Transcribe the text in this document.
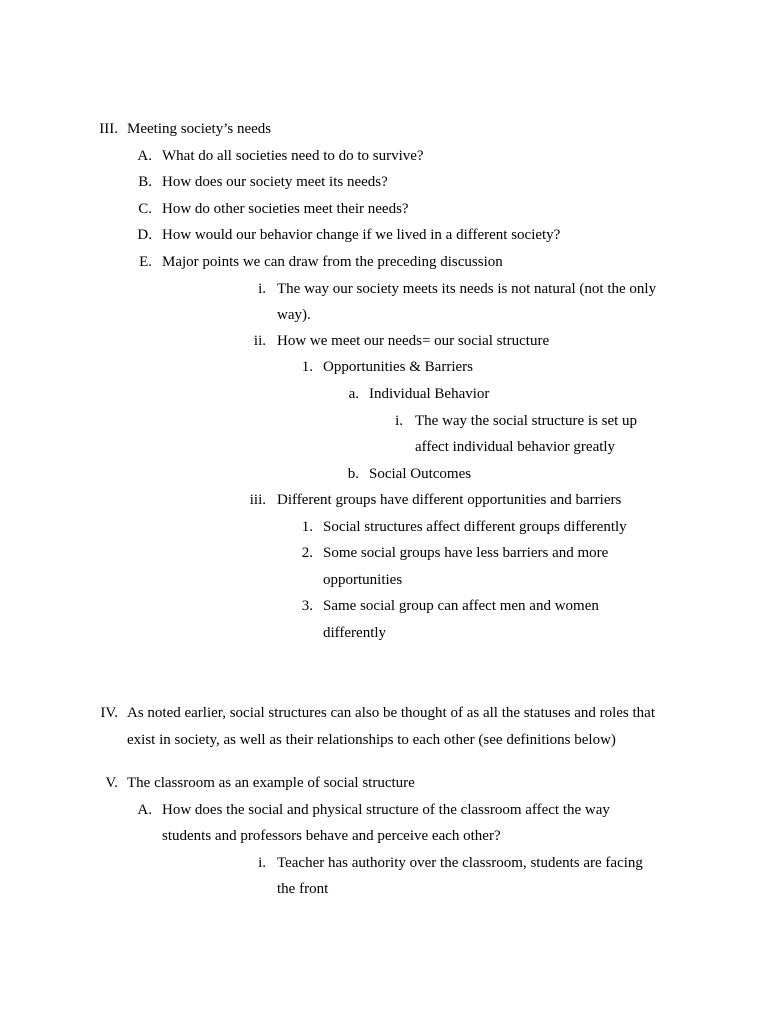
III. Meeting society’s needs
A. What do all societies need to do to survive?
B. How does our society meet its needs?
C. How do other societies meet their needs?
D. How would our behavior change if we lived in a different society?
E. Major points we can draw from the preceding discussion
i. The way our society meets its needs is not natural (not the only
way).
ii. How we meet our needs= our social structure
1. Opportunities & Barriers
a. Individual Behavior
i. The way the social structure is set up
affect individual behavior greatly
b. Social Outcomes
iii. Different groups have different opportunities and barriers
1. Social structures affect different groups differently
2. Some social groups have less barriers and more
opportunities
3. Same social group can affect men and women
differently
IV. As noted earlier, social structures can also be thought of as all the statuses and roles that
exist in society, as well as their relationships to each other (see definitions below)
V. The classroom as an example of social structure
A. How does the social and physical structure of the classroom affect the way
students and professors behave and perceive each other?
i. Teacher has authority over the classroom, students are facing
the front
